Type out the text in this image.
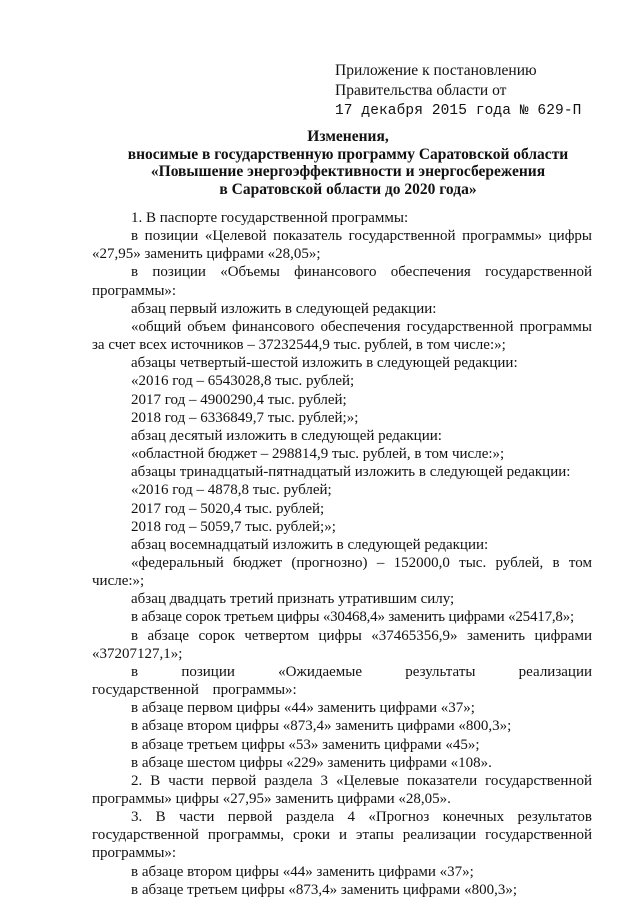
Приложение к постановлению
Правительства области от
17 декабря 2015 года № 629-П
Изменения,
вносимые в государственную программу Саратовской области
«Повышение энергоэффективности и энергосбережения
в Саратовской области до 2020 года»

1. В паспорте государственной программы:

в позиции «Целевой показатель государственной программы» цифры «27,95» заменить цифрами «28,05»;

в позиции «Объемы финансового обеспечения государственной программы»:

абзац первый изложить в следующей редакции:

«общий объем финансового обеспечения государственной программы за счет всех источников – 37232544,9 тыс. рублей, в том числе:»;

абзацы четвертый-шестой изложить в следующей редакции:

«2016 год – 6543028,8 тыс. рублей;

2017 год – 4900290,4 тыс. рублей;

2018 год – 6336849,7 тыс. рублей;»;

абзац десятый изложить в следующей редакции:

«областной бюджет – 298814,9 тыс. рублей, в том числе:»;

абзацы тринадцатый-пятнадцатый изложить в следующей редакции:

«2016 год – 4878,8 тыс. рублей;

2017 год – 5020,4 тыс. рублей;

2018 год – 5059,7 тыс. рублей;»;

абзац восемнадцатый изложить в следующей редакции:

«федеральный бюджет (прогнозно) – 152000,0 тыс. рублей, в том числе:»;

абзац двадцать третий признать утратившим силу;

в абзаце сорок третьем цифры «30468,4» заменить цифрами «25417,8»;

в абзаце сорок четвертом цифры «37465356,9» заменить цифрами «37207127,1»;

в позиции «Ожидаемые результаты реализации государственной программы»:

в абзаце первом цифры «44» заменить цифрами «37»;

в абзаце втором цифры «873,4» заменить цифрами «800,3»;

в абзаце третьем цифры «53» заменить цифрами «45»;

в абзаце шестом цифры «229» заменить цифрами «108».

2. В части первой раздела 3 «Целевые показатели государственной программы» цифры «27,95» заменить цифрами «28,05».

3. В части первой раздела 4 «Прогноз конечных результатов государственной программы, сроки и этапы реализации государственной программы»:

в абзаце втором цифры «44» заменить цифрами «37»;

в абзаце третьем цифры «873,4» заменить цифрами «800,3»;
